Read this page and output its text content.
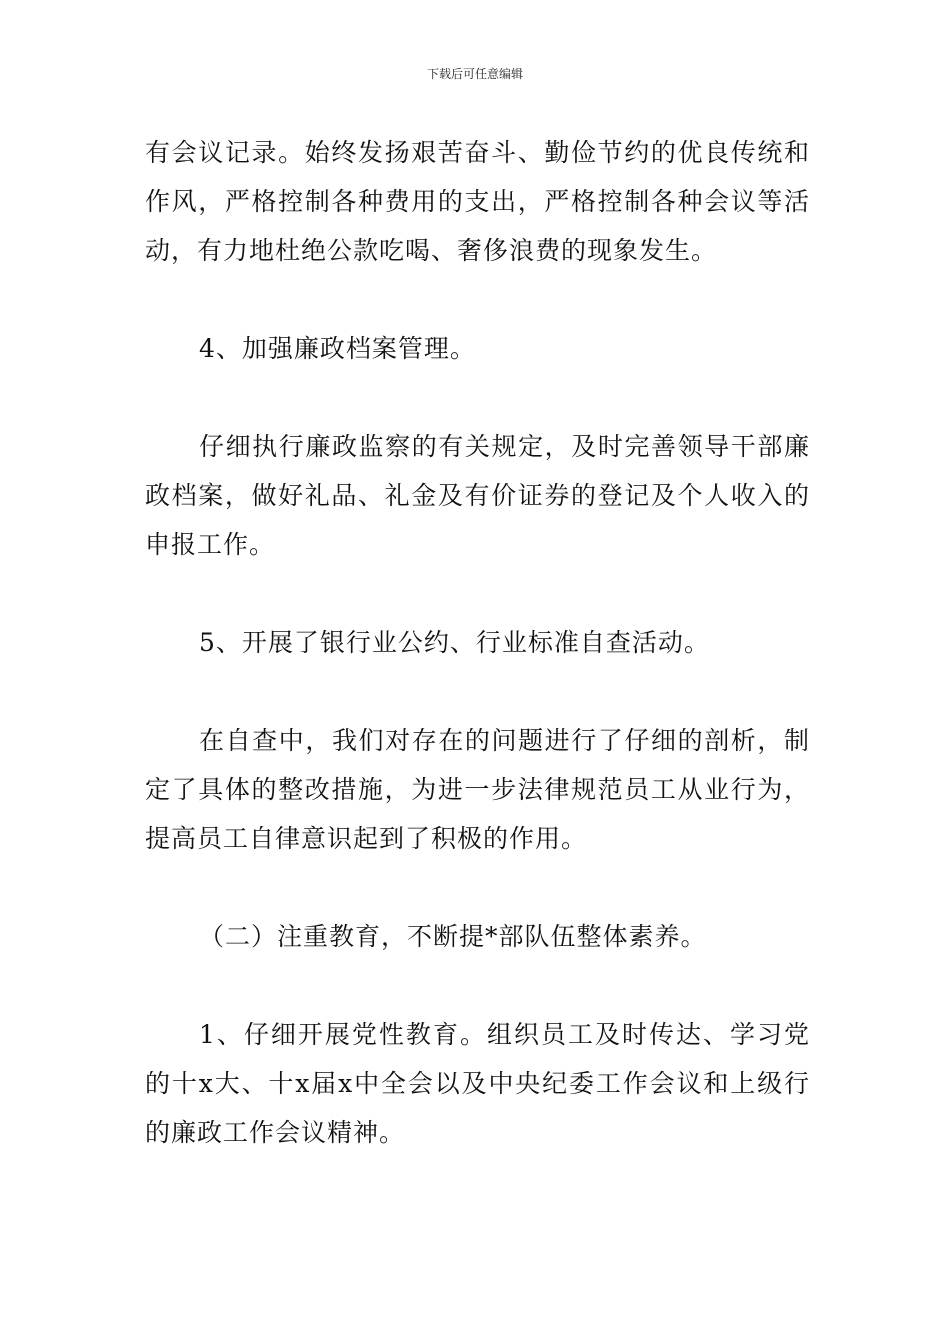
下载后可任意编辑

有会议记录。始终发扬艰苦奋斗、勤俭节约的优良传统和作风，严格控制各种费用的支出，严格控制各种会议等活动，有力地杜绝公款吃喝、奢侈浪费的现象发生。

4、加强廉政档案管理。

仔细执行廉政监察的有关规定，及时完善领导干部廉政档案，做好礼品、礼金及有价证券的登记及个人收入的申报工作。

5、开展了银行业公约、行业标准自查活动。

在自查中，我们对存在的问题进行了仔细的剖析，制定了具体的整改措施，为进一步法律规范员工从业行为，提高员工自律意识起到了积极的作用。

（二）注重教育，不断提*部队伍整体素养。

1、仔细开展党性教育。组织员工及时传达、学习党的十x大、十x届x中全会以及中央纪委工作会议和上级行的廉政工作会议精神。
